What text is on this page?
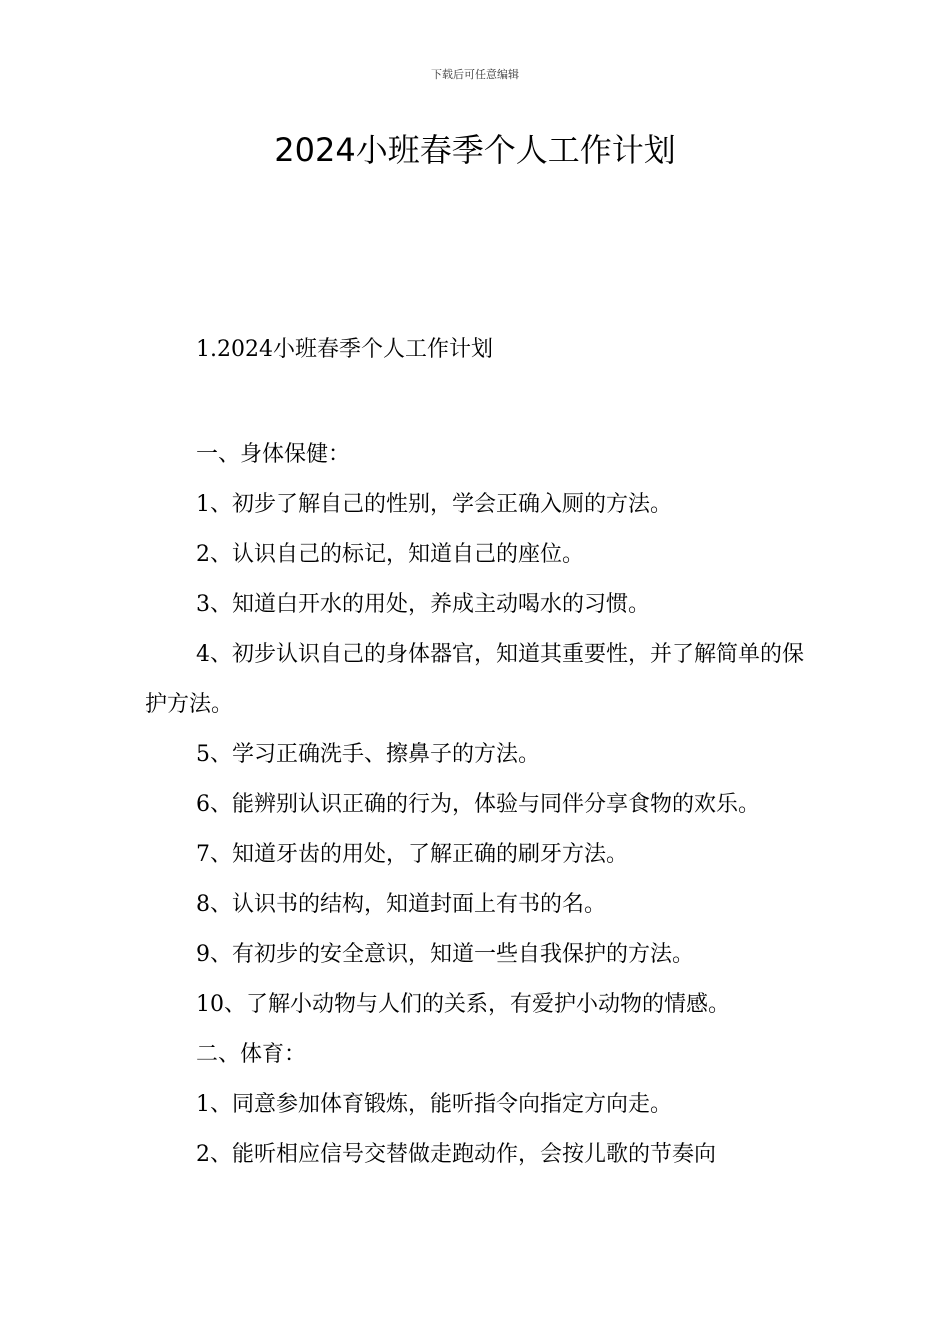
下载后可任意编辑
2024小班春季个人工作计划
1.2024小班春季个人工作计划

一、身体保健：

1、初步了解自己的性别，学会正确入厕的方法。

2、认识自己的标记，知道自己的座位。

3、知道白开水的用处，养成主动喝水的习惯。

4、初步认识自己的身体器官，知道其重要性，并了解简单的保护方法。

5、学习正确洗手、擦鼻子的方法。

6、能辨别认识正确的行为，体验与同伴分享食物的欢乐。

7、知道牙齿的用处，了解正确的刷牙方法。

8、认识书的结构，知道封面上有书的名。

9、有初步的安全意识，知道一些自我保护的方法。

10、了解小动物与人们的关系，有爱护小动物的情感。

二、体育：

1、同意参加体育锻炼，能听指令向指定方向走。

2、能听相应信号交替做走跑动作，会按儿歌的节奏向
